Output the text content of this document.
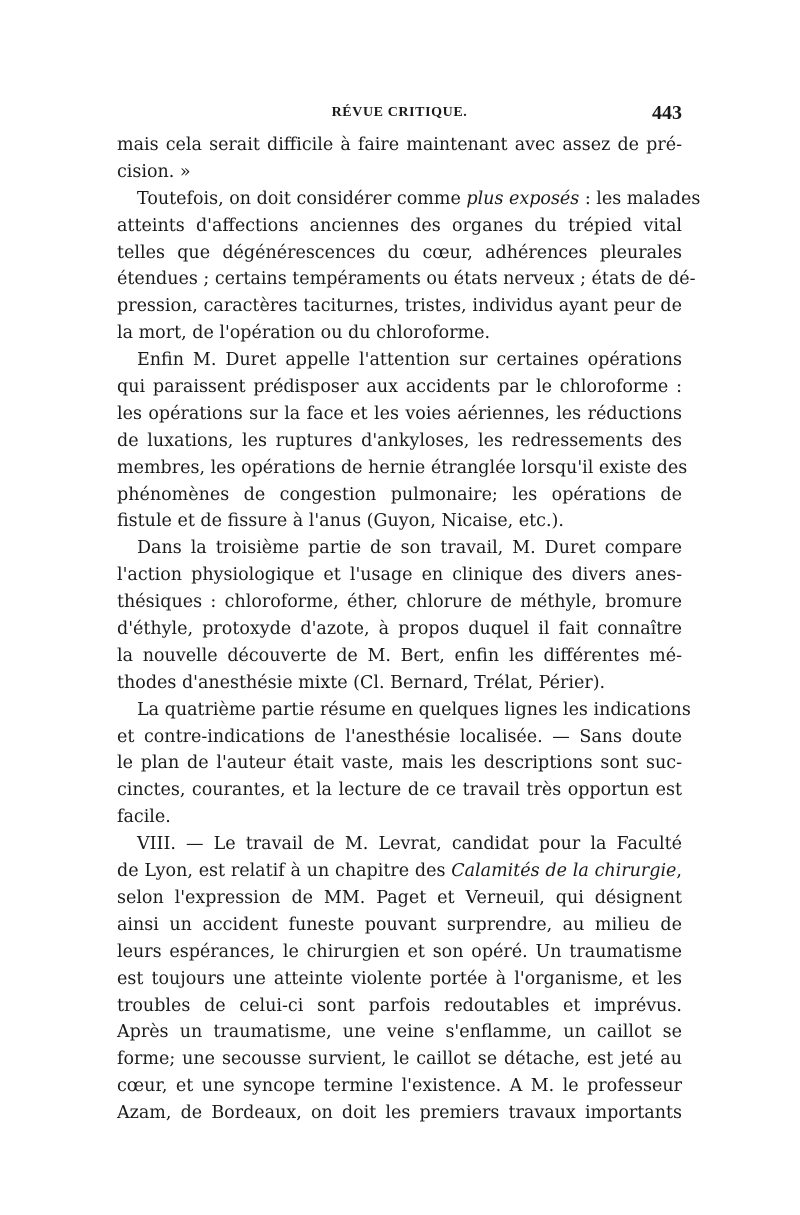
RÉVUE CRITIQUE.	443
mais cela serait difficile à faire maintenant avec assez de pré-
cision. »
Toutefois, on doit considérer comme plus exposés : les malades
atteints d'affections anciennes des organes du trépied vital
telles que dégénérescences du cœur, adhérences pleurales
étendues ; certains tempéraments ou états nerveux ; états de dé-
pression, caractères taciturnes, tristes, individus ayant peur de
la mort, de l'opération ou du chloroforme.
Enfin M. Duret appelle l'attention sur certaines opérations
qui paraissent prédisposer aux accidents par le chloroforme :
les opérations sur la face et les voies aériennes, les réductions
de luxations, les ruptures d'ankyloses, les redressements des
membres, les opérations de hernie étranglée lorsqu'il existe des
phénomènes de congestion pulmonaire; les opérations de
fistule et de fissure à l'anus (Guyon, Nicaise, etc.).
Dans la troisième partie de son travail, M. Duret compare
l'action physiologique et l'usage en clinique des divers anes-
thésiques : chloroforme, éther, chlorure de méthyle, bromure
d'éthyle, protoxyde d'azote, à propos duquel il fait connaître
la nouvelle découverte de M. Bert, enfin les différentes mé-
thodes d'anesthésie mixte (Cl. Bernard, Trélat, Périer).
La quatrième partie résume en quelques lignes les indications
et contre-indications de l'anesthésie localisée. — Sans doute
le plan de l'auteur était vaste, mais les descriptions sont suc-
cinctes, courantes, et la lecture de ce travail très opportun est
facile.
VIII. — Le travail de M. Levrat, candidat pour la Faculté
de Lyon, est relatif à un chapitre des Calamités de la chirurgie,
selon l'expression de MM. Paget et Verneuil, qui désignent
ainsi un accident funeste pouvant surprendre, au milieu de
leurs espérances, le chirurgien et son opéré. Un traumatisme
est toujours une atteinte violente portée à l'organisme, et les
troubles de celui-ci sont parfois redoutables et imprévus.
Après un traumatisme, une veine s'enflamme, un caillot se
forme; une secousse survient, le caillot se détache, est jeté au
cœur, et une syncope termine l'existence. A M. le professeur
Azam, de Bordeaux, on doit les premiers travaux importants
